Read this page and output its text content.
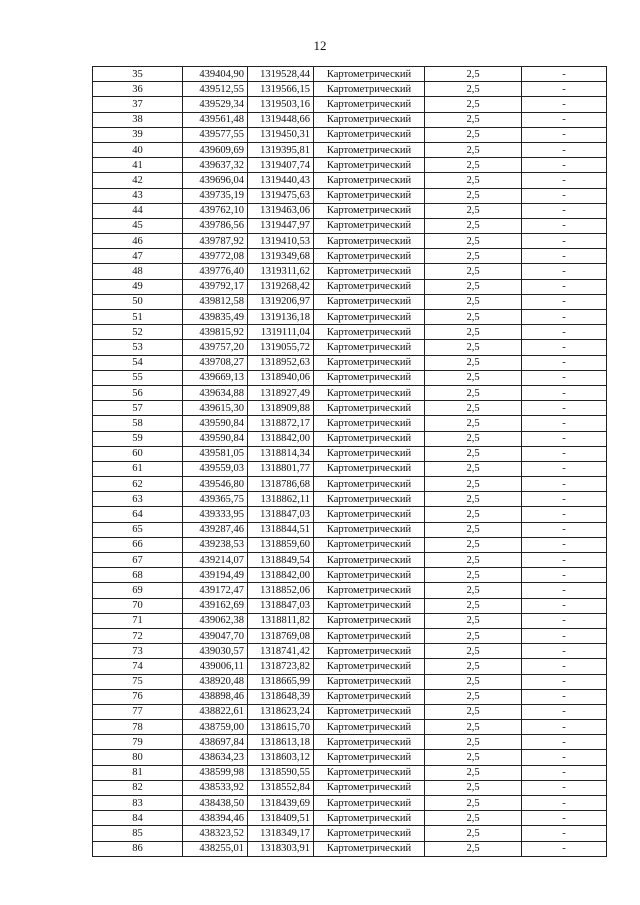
12
35	439404,90	1319528,44	Картометрический	2,5	-
36	439512,55	1319566,15	Картометрический	2,5	-
37	439529,34	1319503,16	Картометрический	2,5	-
38	439561,48	1319448,66	Картометрический	2,5	-
39	439577,55	1319450,31	Картометрический	2,5	-
40	439609,69	1319395,81	Картометрический	2,5	-
41	439637,32	1319407,74	Картометрический	2,5	-
42	439696,04	1319440,43	Картометрический	2,5	-
43	439735,19	1319475,63	Картометрический	2,5	-
44	439762,10	1319463,06	Картометрический	2,5	-
45	439786,56	1319447,97	Картометрический	2,5	-
46	439787,92	1319410,53	Картометрический	2,5	-
47	439772,08	1319349,68	Картометрический	2,5	-
48	439776,40	1319311,62	Картометрический	2,5	-
49	439792,17	1319268,42	Картометрический	2,5	-
50	439812,58	1319206,97	Картометрический	2,5	-
51	439835,49	1319136,18	Картометрический	2,5	-
52	439815,92	1319111,04	Картометрический	2,5	-
53	439757,20	1319055,72	Картометрический	2,5	-
54	439708,27	1318952,63	Картометрический	2,5	-
55	439669,13	1318940,06	Картометрический	2,5	-
56	439634,88	1318927,49	Картометрический	2,5	-
57	439615,30	1318909,88	Картометрический	2,5	-
58	439590,84	1318872,17	Картометрический	2,5	-
59	439590,84	1318842,00	Картометрический	2,5	-
60	439581,05	1318814,34	Картометрический	2,5	-
61	439559,03	1318801,77	Картометрический	2,5	-
62	439546,80	1318786,68	Картометрический	2,5	-
63	439365,75	1318862,11	Картометрический	2,5	-
64	439333,95	1318847,03	Картометрический	2,5	-
65	439287,46	1318844,51	Картометрический	2,5	-
66	439238,53	1318859,60	Картометрический	2,5	-
67	439214,07	1318849,54	Картометрический	2,5	-
68	439194,49	1318842,00	Картометрический	2,5	-
69	439172,47	1318852,06	Картометрический	2,5	-
70	439162,69	1318847,03	Картометрический	2,5	-
71	439062,38	1318811,82	Картометрический	2,5	-
72	439047,70	1318769,08	Картометрический	2,5	-
73	439030,57	1318741,42	Картометрический	2,5	-
74	439006,11	1318723,82	Картометрический	2,5	-
75	438920,48	1318665,99	Картометрический	2,5	-
76	438898,46	1318648,39	Картометрический	2,5	-
77	438822,61	1318623,24	Картометрический	2,5	-
78	438759,00	1318615,70	Картометрический	2,5	-
79	438697,84	1318613,18	Картометрический	2,5	-
80	438634,23	1318603,12	Картометрический	2,5	-
81	438599,98	1318590,55	Картометрический	2,5	-
82	438533,92	1318552,84	Картометрический	2,5	-
83	438438,50	1318439,69	Картометрический	2,5	-
84	438394,46	1318409,51	Картометрический	2,5	-
85	438323,52	1318349,17	Картометрический	2,5	-
86	438255,01	1318303,91	Картометрический	2,5	-
